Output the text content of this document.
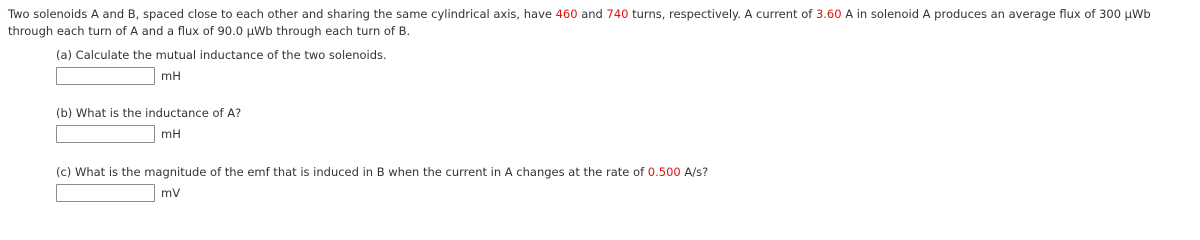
Two solenoids A and B, spaced close to each other and sharing the same cylindrical axis, have 460 and 740 turns, respectively. A current of 3.60 A in solenoid A produces an average flux of 300 µWb through each turn of A and a flux of 90.0 µWb through each turn of B.

(a) Calculate the mutual inductance of the two solenoids.
mH
(b) What is the inductance of A?
mH
(c) What is the magnitude of the emf that is induced in B when the current in A changes at the rate of 0.500 A/s?
mV
